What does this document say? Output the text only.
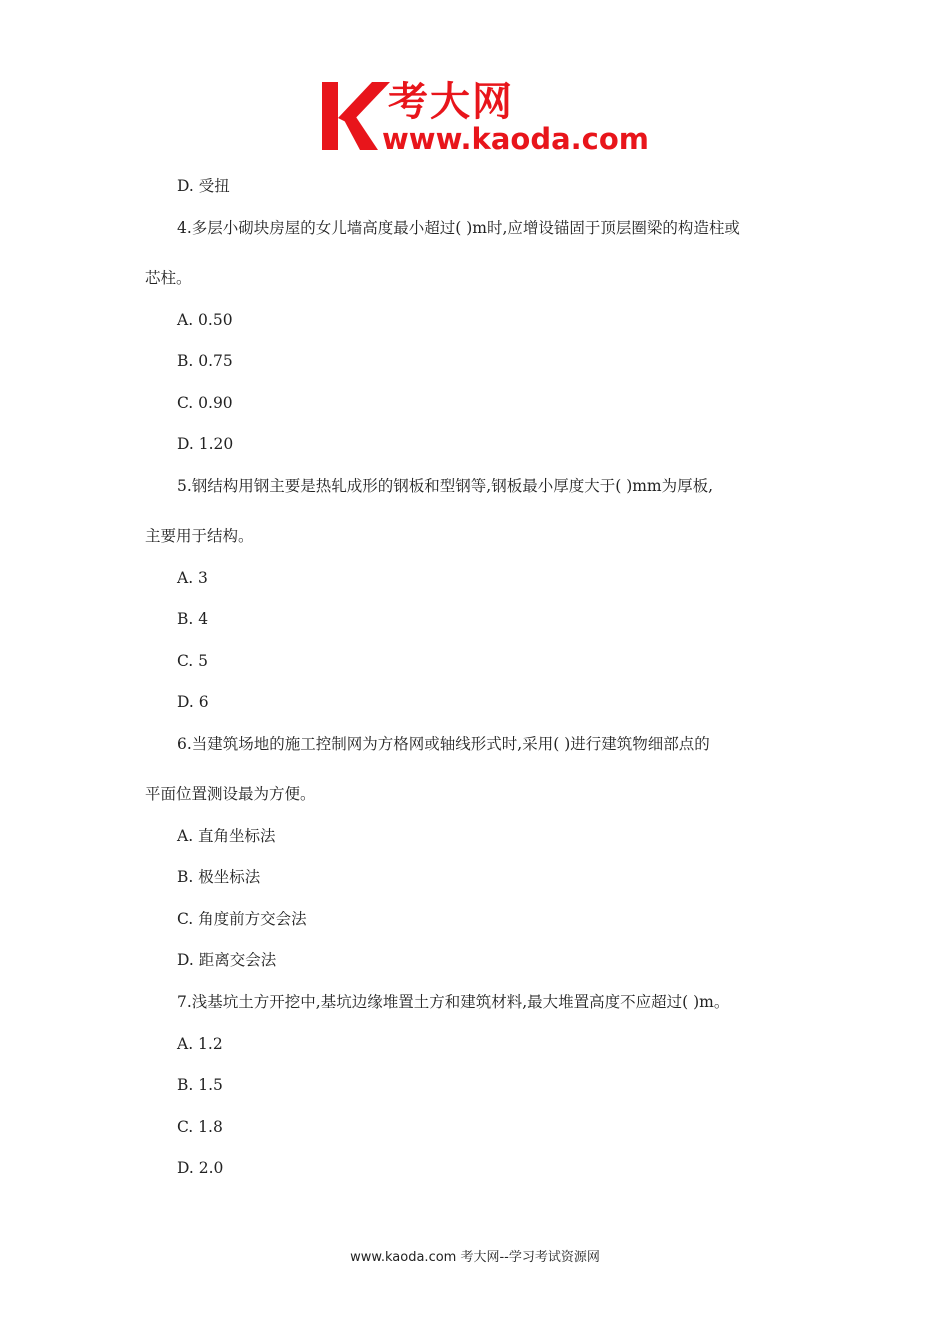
考大网
www.kaoda.com
D. 受扭
4.多层小砌块房屋的女儿墙高度最小超过( )m时,应增设锚固于顶层圈梁的构造柱或
芯柱。
A. 0.50
B. 0.75
C. 0.90
D. 1.20
5.钢结构用钢主要是热轧成形的钢板和型钢等,钢板最小厚度大于( )mm为厚板,
主要用于结构。
A. 3
B. 4
C. 5
D. 6
6.当建筑场地的施工控制网为方格网或轴线形式时,采用( )进行建筑物细部点的
平面位置测设最为方便。
A. 直角坐标法
B. 极坐标法
C. 角度前方交会法
D. 距离交会法
7.浅基坑土方开挖中,基坑边缘堆置土方和建筑材料,最大堆置高度不应超过( )m。
A. 1.2
B. 1.5
C. 1.8
D. 2.0
www.kaoda.com 考大网--学习考试资源网
